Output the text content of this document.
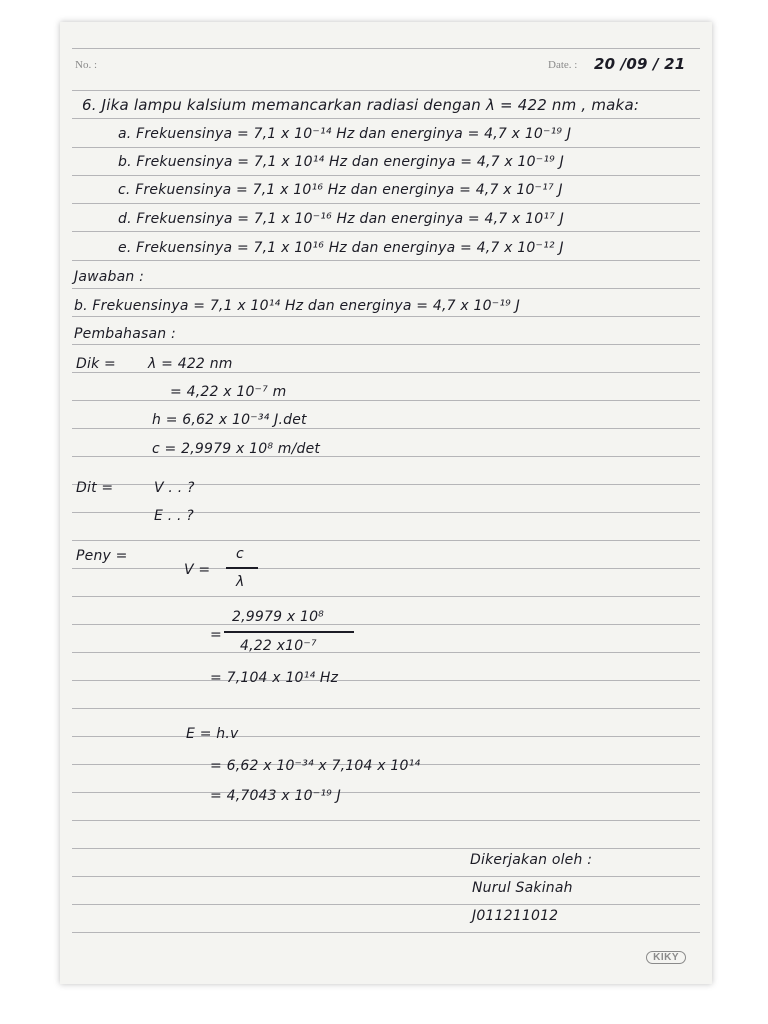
No. :	Date. : 20 /09 / 21
6. Jika lampu kalsium memancarkan radiasi dengan λ = 422 nm , maka:
a. Frekuensinya = 7,1 x 10⁻¹⁴ Hz dan energinya = 4,7 x 10⁻¹⁹ J
b. Frekuensinya = 7,1 x 10¹⁴ Hz dan energinya = 4,7 x 10⁻¹⁹ J
c. Frekuensinya = 7,1 x 10¹⁶ Hz dan energinya = 4,7 x 10⁻¹⁷ J
d. Frekuensinya = 7,1 x 10⁻¹⁶ Hz dan energinya = 4,7 x 10¹⁷ J
e. Frekuensinya = 7,1 x 10¹⁶ Hz dan energinya = 4,7 x 10⁻¹² J
Jawaban :
b. Frekuensinya = 7,1 x 10¹⁴ Hz dan energinya = 4,7 x 10⁻¹⁹ J
Pembahasan :
Dik = λ = 422 nm
= 4,22 x 10⁻⁷ m
h = 6,62 x 10⁻³⁴ J.det
c = 2,9979 x 10⁸ m/det
Dit =	V . . ?
E . . ?
Peny =
V =
c
λ
=
2,9979 x 10⁸
4,22 x10⁻⁷
= 7,104 x 10¹⁴ Hz
E = h.v
= 6,62 x 10⁻³⁴ x 7,104 x 10¹⁴
= 4,7043 x 10⁻¹⁹ J
Dikerjakan oleh :
Nurul Sakinah
J011211012
KIKY
